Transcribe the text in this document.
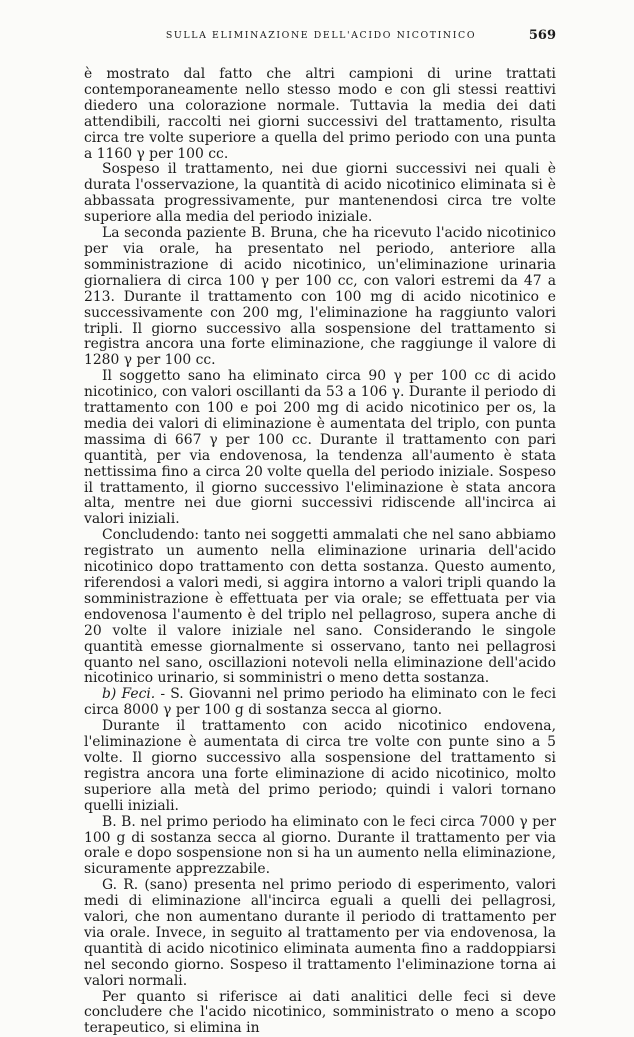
SULLA ELIMINAZIONE DELL'ACIDO NICOTINICO	569

è mostrato dal fatto che altri campioni di urine trattati contemporaneamente nello stesso modo e con gli stessi reattivi diedero una colorazione normale. Tuttavia la media dei dati attendibili, raccolti nei giorni successivi del trattamento, risulta circa tre volte superiore a quella del primo periodo con una punta a 1160 γ per 100 cc.

Sospeso il trattamento, nei due giorni successivi nei quali è durata l'osservazione, la quantità di acido nicotinico eliminata si è abbassata progressivamente, pur mantenendosi circa tre volte superiore alla media del periodo iniziale.

La seconda paziente B. Bruna, che ha ricevuto l'acido nicotinico per via orale, ha presentato nel periodo, anteriore alla somministrazione di acido nicotinico, un'eliminazione urinaria giornaliera di circa 100 γ per 100 cc, con valori estremi da 47 a 213. Durante il trattamento con 100 mg di acido nicotinico e successivamente con 200 mg, l'eliminazione ha raggiunto valori tripli. Il giorno successivo alla sospensione del trattamento si registra ancora una forte eliminazione, che raggiunge il valore di 1280 γ per 100 cc.

Il soggetto sano ha eliminato circa 90 γ per 100 cc di acido nicotinico, con valori oscillanti da 53 a 106 γ. Durante il periodo di trattamento con 100 e poi 200 mg di acido nicotinico per os, la media dei valori di eliminazione è aumentata del triplo, con punta massima di 667 γ per 100 cc. Durante il trattamento con pari quantità, per via endovenosa, la tendenza all'aumento è stata nettissima fino a circa 20 volte quella del periodo iniziale. Sospeso il trattamento, il giorno successivo l'eliminazione è stata ancora alta, mentre nei due giorni successivi ridiscende all'incirca ai valori iniziali.

Concludendo: tanto nei soggetti ammalati che nel sano abbiamo registrato un aumento nella eliminazione urinaria dell'acido nicotinico dopo trattamento con detta sostanza. Questo aumento, riferendosi a valori medi, si aggira intorno a valori tripli quando la somministrazione è effettuata per via orale; se effettuata per via endovenosa l'aumento è del triplo nel pellagroso, supera anche di 20 volte il valore iniziale nel sano. Considerando le singole quantità emesse giornalmente si osservano, tanto nei pellagrosi quanto nel sano, oscillazioni notevoli nella eliminazione dell'acido nicotinico urinario, si somministri o meno detta sostanza.

b) Feci. - S. Giovanni nel primo periodo ha eliminato con le feci circa 8000 γ per 100 g di sostanza secca al giorno.

Durante il trattamento con acido nicotinico endovena, l'eliminazione è aumentata di circa tre volte con punte sino a 5 volte. Il giorno successivo alla sospensione del trattamento si registra ancora una forte eliminazione di acido nicotinico, molto superiore alla metà del primo periodo; quindi i valori tornano quelli iniziali.

B. B. nel primo periodo ha eliminato con le feci circa 7000 γ per 100 g di sostanza secca al giorno. Durante il trattamento per via orale e dopo sospensione non si ha un aumento nella eliminazione, sicuramente apprezzabile.

G. R. (sano) presenta nel primo periodo di esperimento, valori medi di eliminazione all'incirca eguali a quelli dei pellagrosi, valori, che non aumentano durante il periodo di trattamento per via orale. Invece, in seguito al trattamento per via endovenosa, la quantità di acido nicotinico eliminata aumenta fino a raddoppiarsi nel secondo giorno. Sospeso il trattamento l'eliminazione torna ai valori normali.

Per quanto si riferisce ai dati analitici delle feci si deve concludere che l'acido nicotinico, somministrato o meno a scopo terapeutico, si elimina in
